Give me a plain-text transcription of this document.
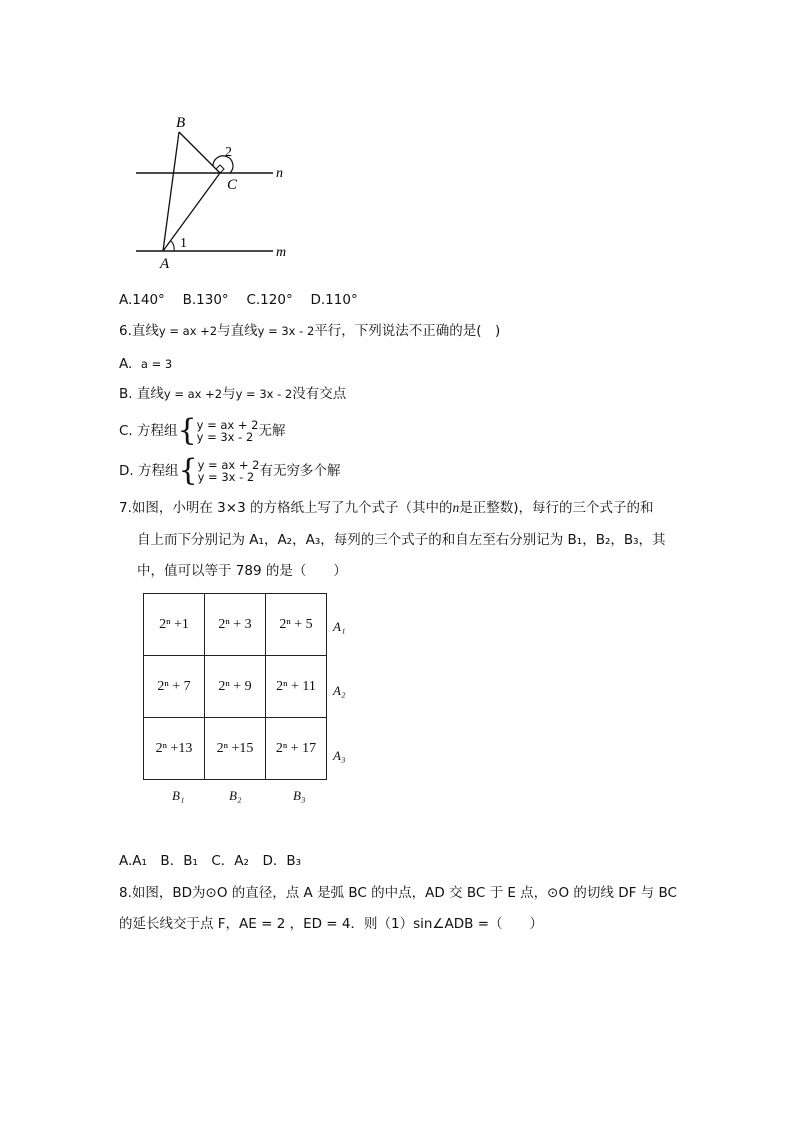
B
C
A
n
m
1
2
A.140°　 B.130°　 C.120°　 D.110°
6.直线y = ax +2与直线y = 3x - 2平行，下列说法不正确的是(　)
A. a = 3
B. 直线y = ax +2与y = 3x - 2没有交点
C. 方程组{ y = ax + 2
y = 3x - 2 无解
D. 方程组{ y = ax + 2
y = 3x - 2 有无穷多个解
7.如图，小明在 3×3 的方格纸上写了九个式子（其中的n是正整数)，每行的三个式子的和
自上而下分别记为 A₁，A₂，A₃，每列的三个式子的和自左至右分别记为 B₁，B₂，B₃，其
中，值可以等于 789 的是（　　）
2ⁿ +1	2ⁿ + 3	2ⁿ + 5
2ⁿ + 7	2ⁿ + 9	2ⁿ + 11
2ⁿ +13	2ⁿ +15	2ⁿ + 17
A₁
A₂
A₃
B₁	B₂	B₃
A.A₁　B．B₁　C．A₂　D．B₃
8.如图，BD为⊙O 的直径，点 A 是弧 BC 的中点，AD 交 BC 于 E 点，⊙O 的切线 DF 与 BC
的延长线交于点 F，AE = 2 ，ED = 4．则（1）sin∠ADB =（　　）
